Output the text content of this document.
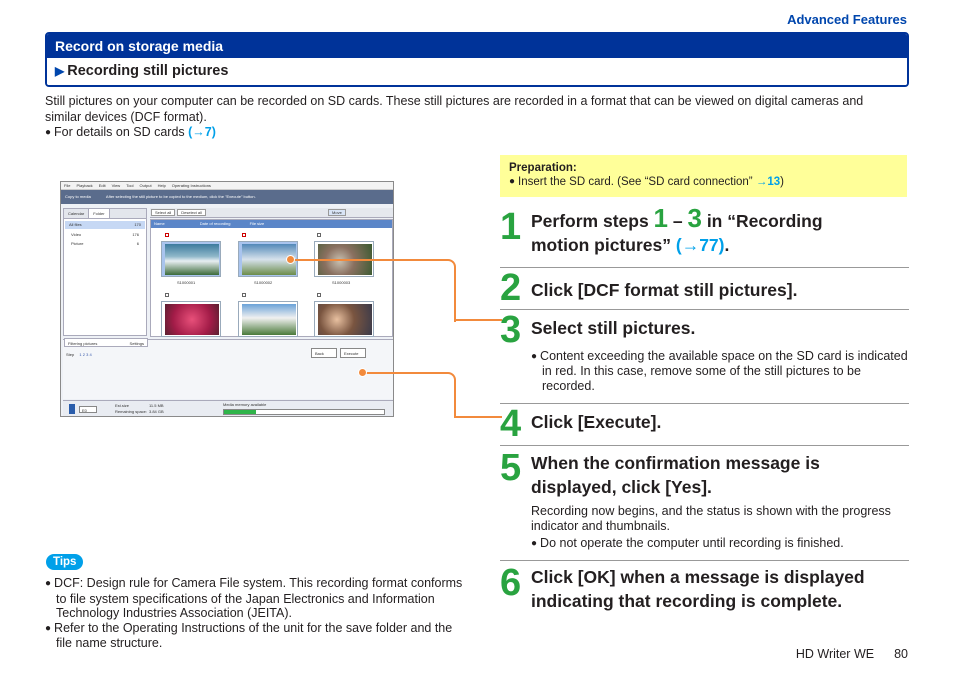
Advanced Features
Record on storage media
▶ Recording still pictures
Still pictures on your computer can be recorded on SD cards. These still pictures are recorded in a format that can be viewed on digital cameras and similar devices (DCF format).
● For details on SD cards (→7)
File Playback Edit View Tool Output Help Operating Instructions
Copy to media	After selecting the still picture to be copied to the medium, click the "Execute" button.
Calendar Folder
All files	170
Video	176
Picture	6
Select all	Deselect all	Move
Name	Date of recording	File size
S1000001	S1000002	S1000003
Filtering pictures	Settings
Step 1 2 3 4	Back	Execute
E0
Est.size	11.5 MB
Remaining space: 3.84 GB
Media memory available
Preparation:
● Insert the SD card. (See “SD card connection” →13)
1 Perform steps 1 – 3 in “Recording
motion pictures” (→77).
2 Click [DCF format still pictures].
3 Select still pictures.
● Content exceeding the available space on the SD card is indicated in red. In this case, remove some of the still pictures to be recorded.
4 Click [Execute].
5 When the confirmation message is
displayed, click [Yes].
Recording now begins, and the status is shown with the progress indicator and thumbnails.
● Do not operate the computer until recording is finished.
6 Click [OK] when a message is displayed
indicating that recording is complete.
Tips

● DCF: Design rule for Camera File system. This recording format conforms to file system specifications of the Japan Electronics and Information Technology Industries Association (JEITA).

● Refer to the Operating Instructions of the unit for the save folder and the file name structure.

HD Writer WE 80
